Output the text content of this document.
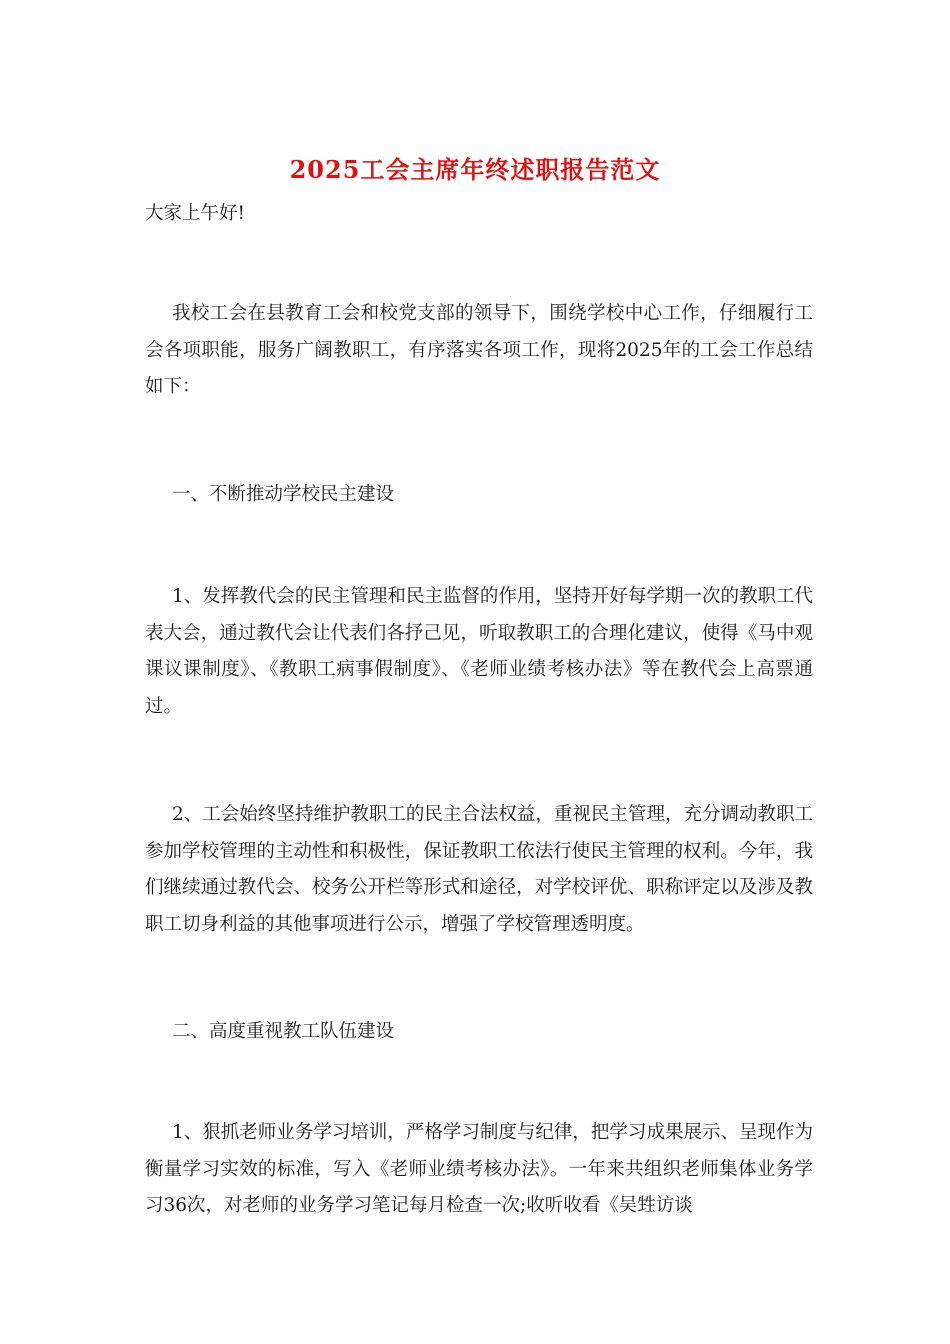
2025工会主席年终述职报告范文
大家上午好!
我校工会在县教育工会和校党支部的领导下，围绕学校中心工作，仔细履行工会各项职能，服务广阔教职工，有序落实各项工作，现将2025年的工会工作总结如下：
一、不断推动学校民主建设
1、发挥教代会的民主管理和民主监督的作用，坚持开好每学期一次的教职工代表大会，通过教代会让代表们各抒己见，听取教职工的合理化建议，使得《马中观课议课制度》、《教职工病事假制度》、《老师业绩考核办法》等在教代会上高票通过。
2、工会始终坚持维护教职工的民主合法权益，重视民主管理，充分调动教职工参加学校管理的主动性和积极性，保证教职工依法行使民主管理的权利。今年，我们继续通过教代会、校务公开栏等形式和途径，对学校评优、职称评定以及涉及教职工切身利益的其他事项进行公示，增强了学校管理透明度。
二、高度重视教工队伍建设
1、狠抓老师业务学习培训，严格学习制度与纪律，把学习成果展示、呈现作为衡量学习实效的标准，写入《老师业绩考核办法》。一年来共组织老师集体业务学习36次，对老师的业务学习笔记每月检查一次;收听收看《吴甡访谈
